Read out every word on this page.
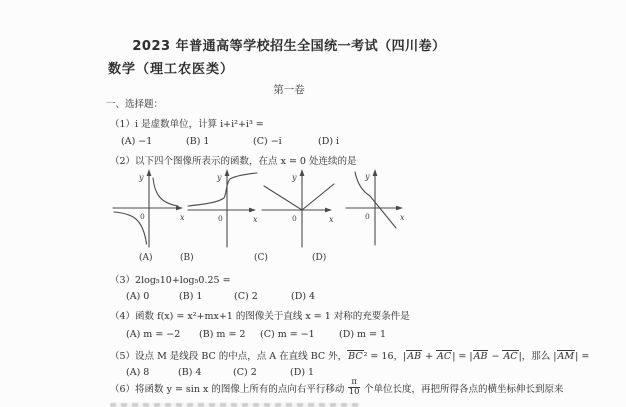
2023 年普通高等学校招生全国统一考试（四川卷）
数学（理工农医类）
第一卷
一、选择题：
（1）i 是虚数单位，计算 i+i²+i³ =
(A) −1	(B) 1	(C) −i	(D) i
（2）以下四个图像所表示的函数，在点 x = 0 处连续的是
y
x
0
y
x
0
y
x
0
y
x
0
(A)	(B)	(C)	(D)
（3）2log₅10+log₅0.25 =
(A) 0	(B) 1	(C) 2	(D) 4
（4）函数 f(x) = x²+mx+1 的图像关于直线 x = 1 对称的充要条件是
(A) m = −2 (B) m = 2 (C) m = −1	(D) m = 1
（5）设点 M 是线段 BC 的中点，点 A 在直线 BC 外，BC² = 16，|AB + AC| = |AB − AC|，那么 |AM| =
(A) 8	(B) 4	(C) 2	(D) 1
（6）将函数 y = sin x 的图像上所有的点向右平行移动 $\frac{\pi}{10}$ 个单位长度，再把所得各点的横坐标伸长到原来
